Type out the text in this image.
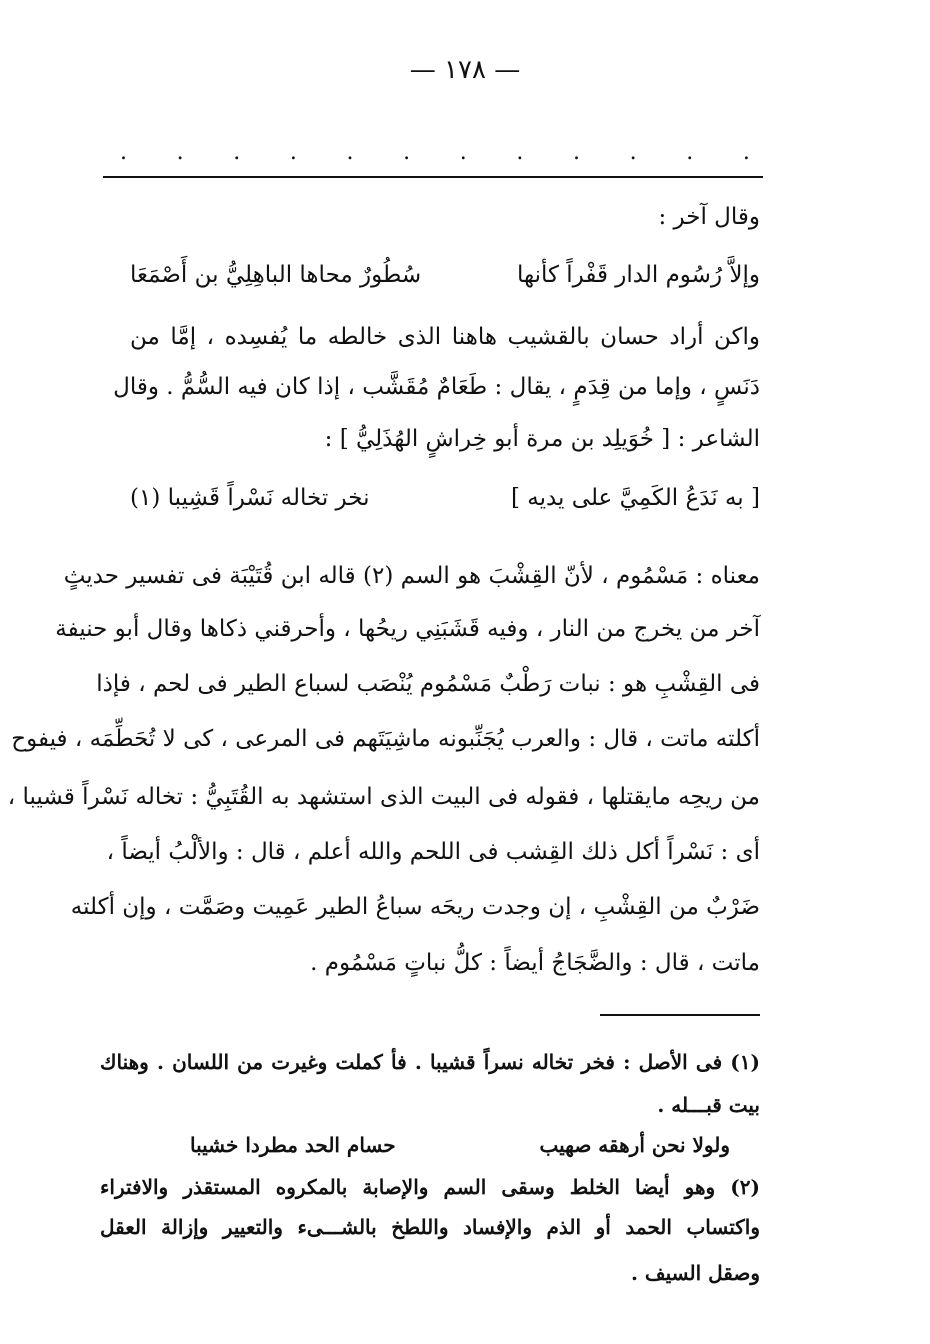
— ١٧٨ —
. . . . . . . . . . . .
وقال آخر :
وإلاَّ رُسُوم الدار قَفْراً كأنها
سُطُورٌ محاها الباهِلِيُّ بن أَصْمَعَا
واكن أراد حسان بالقشيب هاهنا الذى خالطه ما يُفسِده ، إمَّا من
دَنَسٍ ، وإما من قِدَمٍ ، يقال : طَعَامٌ مُقَشَّب ، إذا كان فيه السُّمُّ . وقال
الشاعر : [ خُوَيلِد بن مرة أبو خِراشٍ الهُذَلِيُّ ] :
[ به نَدَعُ الكَمِيَّ على يديه ]
نخر تخاله نَسْراً قَشِيبا (١)
معناه : مَسْمُوم ، لأنّ القِشْبَ هو السم (٢) قاله ابن قُتَيْبَة فى تفسير حديثٍ
آخر من يخرج من النار ، وفيه قَشَبَنِي ريحُها ، وأحرقني ذكاها وقال أبو حنيفة
فى القِشْبِ هو : نبات رَطْبٌ مَسْمُوم يُنْصَب لسباع الطير فى لحم ، فإذا
أكلته ماتت ، قال : والعرب يُجَنِّبونه ماشِيَتَهم فى المرعى ، كى لا تُحَطِّمَه ، فيفوح
من ريحِه مايقتلها ، فقوله فى البيت الذى استشهد به القُتَبِيُّ : تخاله نَسْراً قشيبا ،
أى : نَسْراً أكل ذلك القِشب فى اللحم والله أعلم ، قال : والألْبُ أيضاً ،
ضَرْبٌ من القِشْبِ ، إن وجدت ريحَه سباعُ الطير عَمِيت وصَمَّت ، وإن أكلته
ماتت ، قال : والضَّجَاجُ أيضاً : كلُّ نباتٍ مَسْمُوم .
(١) فى الأصل : فخر تخاله نسراً قشيبا . فأ كملت وغيرت من اللسان . وهناك
بيت قبـــله .
ولولا نحن أرهقه صهيب
حسام الحد مطردا خشيبا
(٢) وهو أيضا الخلط وسقى السم والإصابة بالمكروه المستقذر والافتراء
واكتساب الحمد أو الذم والإفساد واللطخ بالشـــىء والتعيير وإزالة العقل
وصقل السيف .
